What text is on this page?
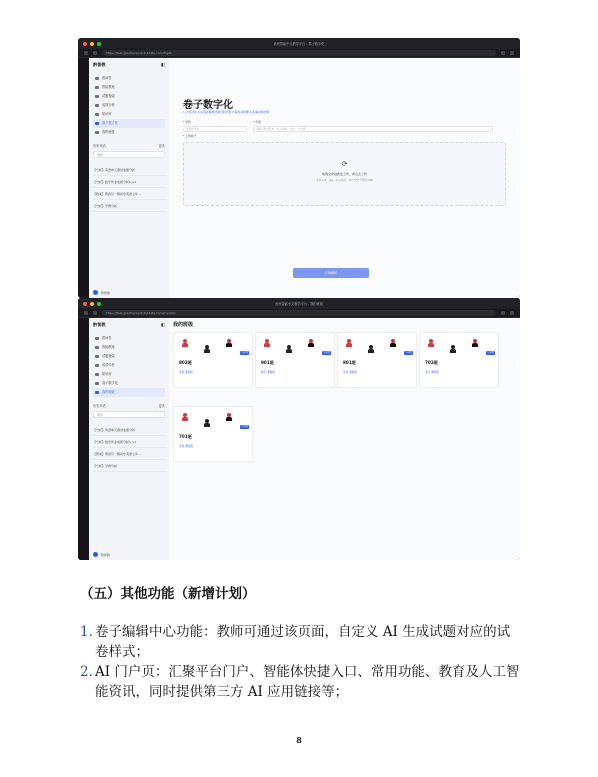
贵州智能中文教学平台 - 卷子数字化
https://test-guizhouwork.lh2data.com/digits
黔智教	◧
教问答
智能教案
试题搜索
成绩分析
知识库
卷子数字化
我的班级
历史对话	更多
搜索	⌕
【分析】英语单元测试成绩分析
【分析】数学作业成绩分析1_v1
【教案】帮我写一篇初中英语七年...
【分析】学情分析
黔智教
卷子数字化
1.上传试卷 2.识别并解析试卷中的内容 3.保存并管理 4.查看识别结果
* 学科	* 年级
请选择学科	请输入教材版本：如人教版、初中、九年级
* 上传卷子
⟳
拖拽文件到此处上传，或点击上传
支持 pdf、jpg、png 格式，单个文件不超过10M
开始解析
贵州智能中文教学平台 - 我的班级
https://test-guizhouwork.lh2data.com/myclass
黔智教	◧
教问答
智能教案
试题搜索
成绩分析
知识库
卷子数字化
我的班级
历史对话	更多
搜索	⌕
【分析】英语单元测试成绩分析
【分析】数学作业成绩分析1_v1
【教案】帮我写一篇初中英语七年...
【分析】学情分析
黔智教
我的班级
九年级
802班
英语 课程数
九年级
901班
数学 课程数
九年级
801班
英语 课程数
九年级
702班
语文 课程数
九年级
701班
英语 课程数
（五）其他功能（新增计划）
1. 卷子编辑中心功能：教师可通过该页面，自定义 AI 生成试题对应的试卷样式；
2. AI 门户页：汇聚平台门户、智能体快捷入口、常用功能、教育及人工智能资讯，同时提供第三方 AI 应用链接等；
8
